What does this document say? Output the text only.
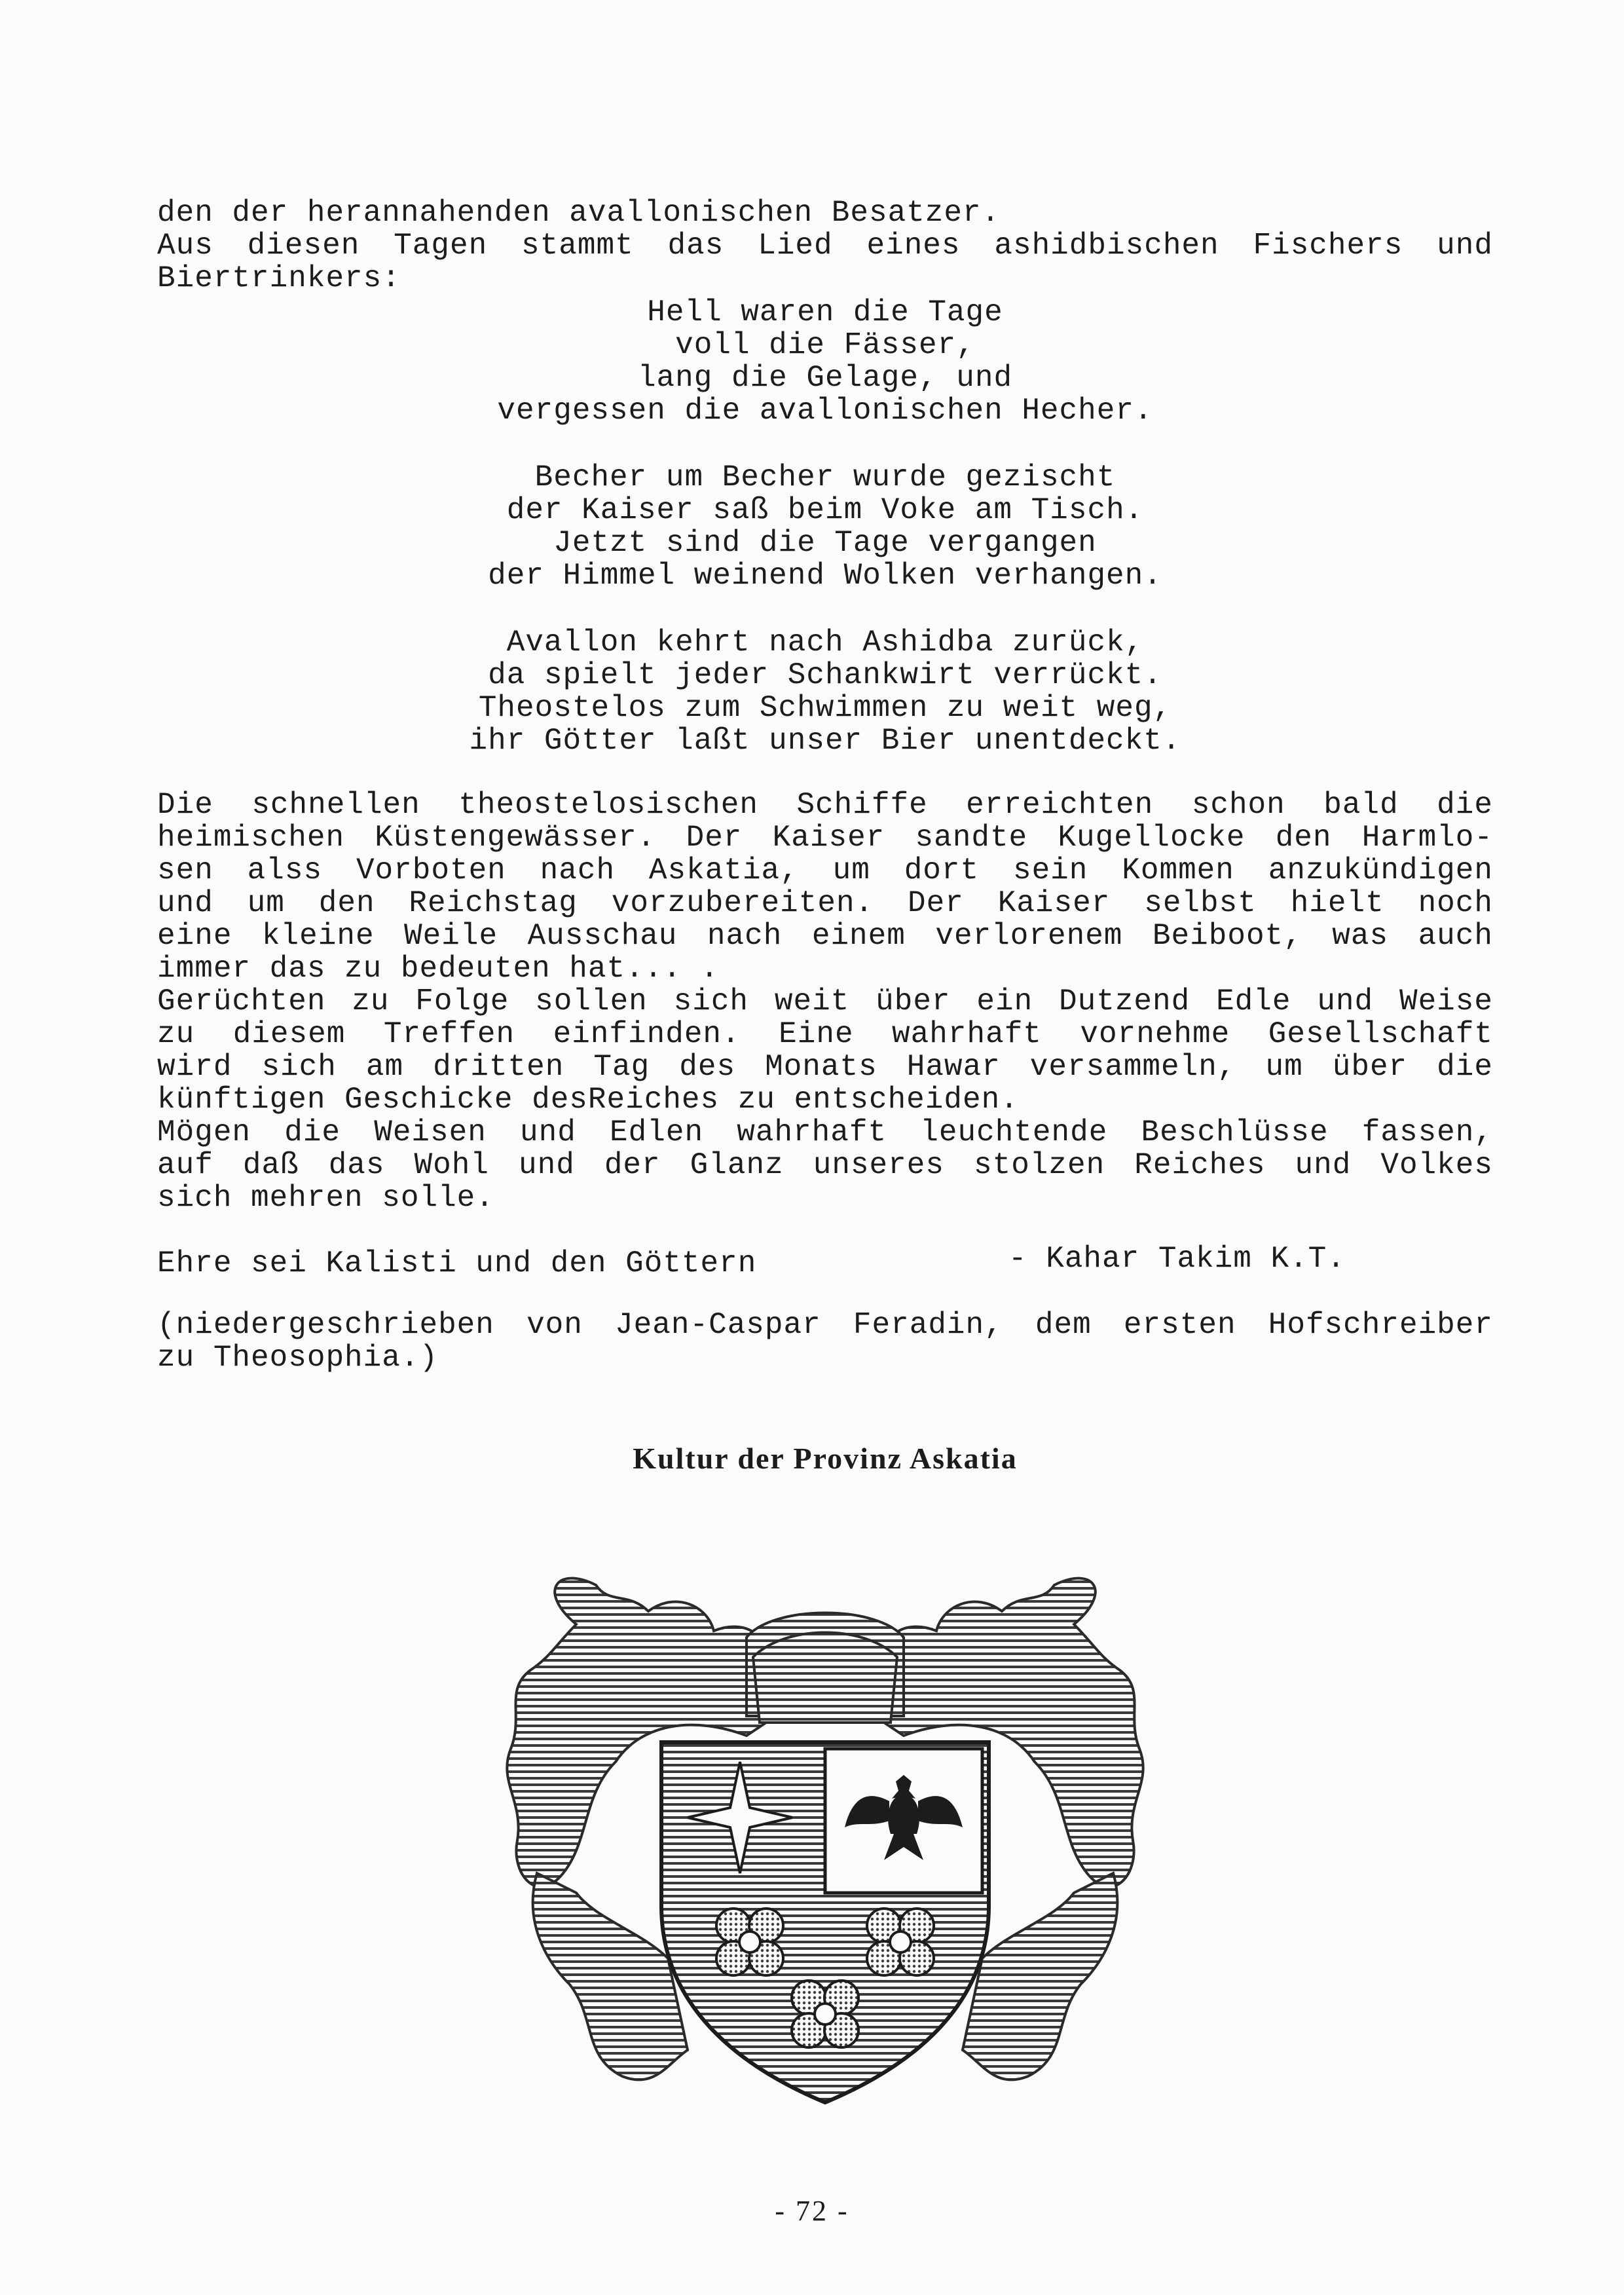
den der herannahenden avallonischen Besatzer.
Aus diesen Tagen stammt das Lied eines ashidbischen Fischers und
Biertrinkers:
Hell waren die Tage
voll die Fässer,
lang die Gelage, und
vergessen die avallonischen Hecher.
Becher um Becher wurde gezischt
der Kaiser saß beim Voke am Tisch.
Jetzt sind die Tage vergangen
der Himmel weinend Wolken verhangen.
Avallon kehrt nach Ashidba zurück,
da spielt jeder Schankwirt verrückt.
Theostelos zum Schwimmen zu weit weg,
ihr Götter laßt unser Bier unentdeckt.
Die schnellen theostelosischen Schiffe erreichten schon bald die
heimischen Küstengewässer. Der Kaiser sandte Kugellocke den Harmlo-
sen alss Vorboten nach Askatia, um dort sein Kommen anzukündigen
und um den Reichstag vorzubereiten. Der Kaiser selbst hielt noch
eine kleine Weile Ausschau nach einem verlorenem Beiboot, was auch
immer das zu bedeuten hat... .
Gerüchten zu Folge sollen sich weit über ein Dutzend Edle und Weise
zu diesem Treffen einfinden. Eine wahrhaft vornehme Gesellschaft
wird sich am dritten Tag des Monats Hawar versammeln, um über die
künftigen Geschicke desReiches zu entscheiden.
Mögen die Weisen und Edlen wahrhaft leuchtende Beschlüsse fassen,
auf daß das Wohl und der Glanz unseres stolzen Reiches und Volkes
sich mehren solle.
Ehre sei Kalisti und den Göttern	- Kahar Takim K.T.
(niedergeschrieben von Jean-Caspar Feradin, dem ersten Hofschreiber
zu Theosophia.)
Kultur der Provinz Askatia
- 72 -
